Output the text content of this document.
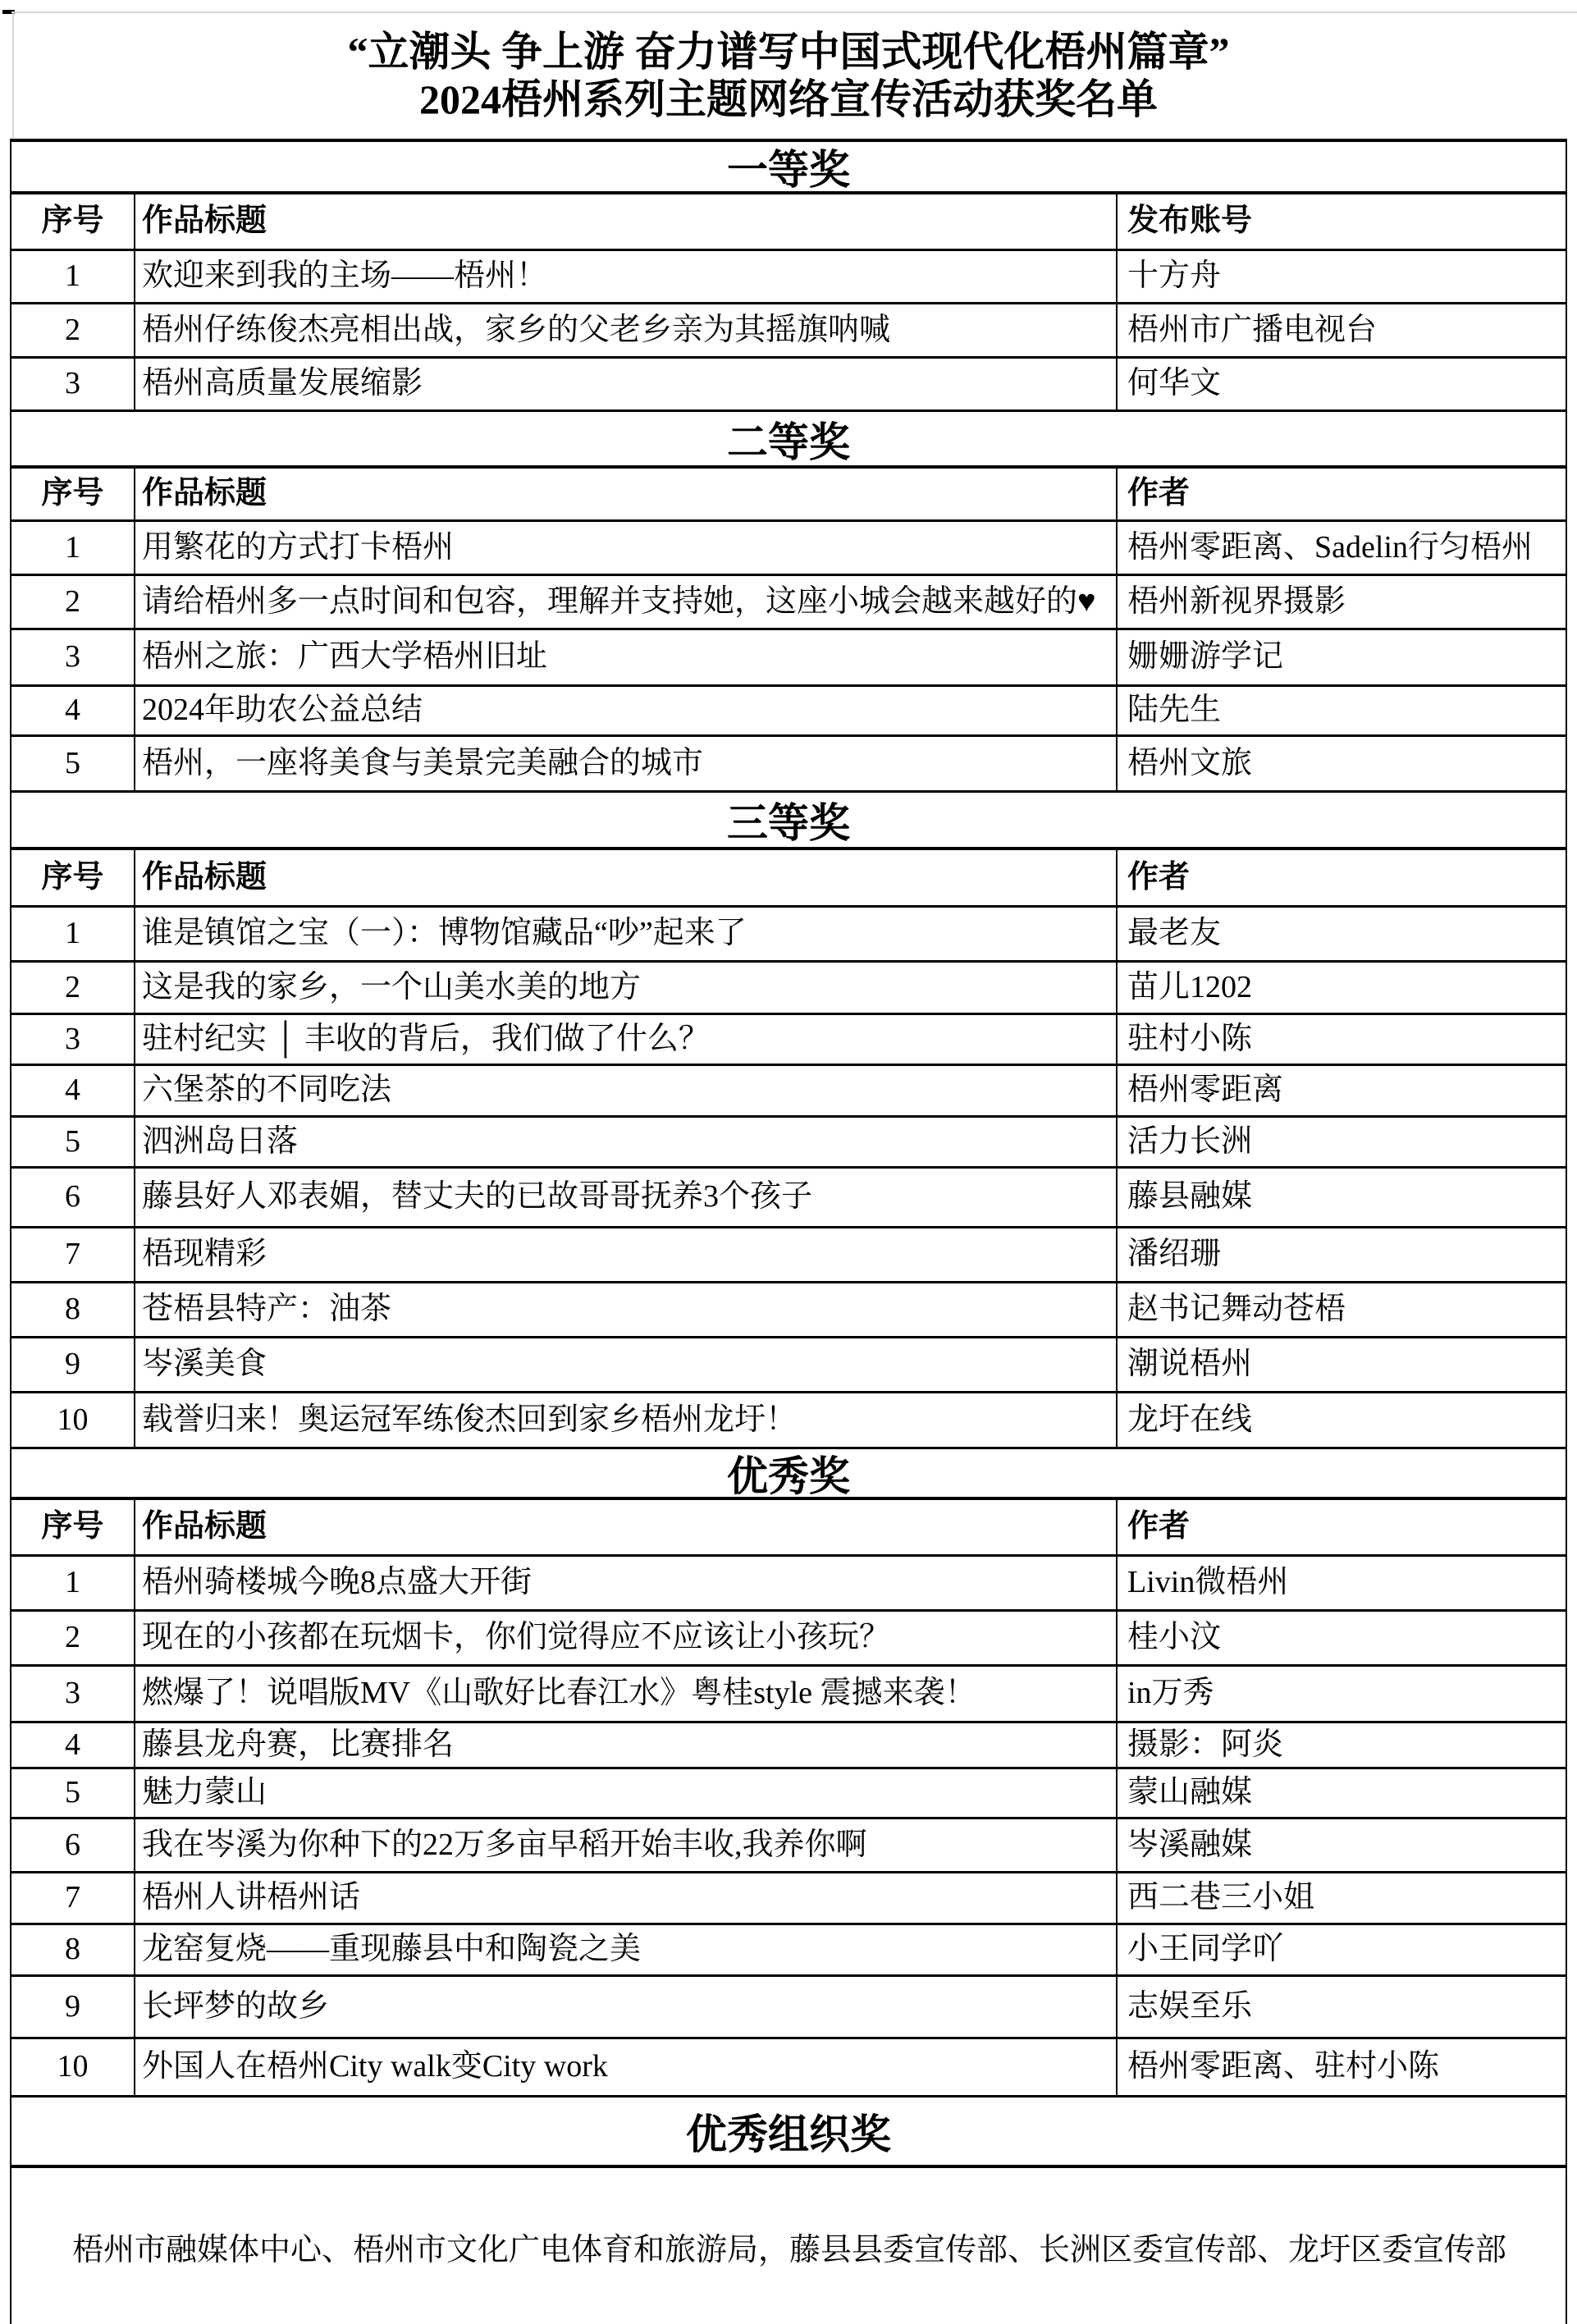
“立潮头 争上游 奋力谱写中国式现代化梧州篇章”
2024梧州系列主题网络宣传活动获奖名单
一等奖
序号	作品标题	发布账号
1	欢迎来到我的主场——梧州！	十方舟
2	梧州仔练俊杰亮相出战，家乡的父老乡亲为其摇旗呐喊	梧州市广播电视台
3	梧州高质量发展缩影	何华文
二等奖
序号	作品标题	作者
1	用繁花的方式打卡梧州	梧州零距离、Sadelin行匀梧州
2	请给梧州多一点时间和包容，理解并支持她，这座小城会越来越好的♥	梧州新视界摄影
3	梧州之旅：广西大学梧州旧址	姗姗游学记
4	2024年助农公益总结	陆先生
5	梧州，一座将美食与美景完美融合的城市	梧州文旅
三等奖
序号	作品标题	作者
1	谁是镇馆之宝（一）：博物馆藏品“吵”起来了	最老友
2	这是我的家乡，一个山美水美的地方	苗儿1202
3	驻村纪实 │ 丰收的背后，我们做了什么？	驻村小陈
4	六堡茶的不同吃法	梧州零距离
5	泗洲岛日落	活力长洲
6	藤县好人邓表媚，替丈夫的已故哥哥抚养3个孩子	藤县融媒
7	梧现精彩	潘绍珊
8	苍梧县特产：油茶	赵书记舞动苍梧
9	岑溪美食	潮说梧州
10	载誉归来！奥运冠军练俊杰回到家乡梧州龙圩！	龙圩在线
优秀奖
序号	作品标题	作者
1	梧州骑楼城今晚8点盛大开街	Livin微梧州
2	现在的小孩都在玩烟卡，你们觉得应不应该让小孩玩？	桂小汶
3	燃爆了！说唱版MV《山歌好比春江水》粤桂style 震撼来袭！	in万秀
4	藤县龙舟赛，比赛排名	摄影：阿炎
5	魅力蒙山	蒙山融媒
6	我在岑溪为你种下的22万多亩早稻开始丰收,我养你啊	岑溪融媒
7	梧州人讲梧州话	西二巷三小姐
8	龙窑复烧——重现藤县中和陶瓷之美	小王同学吖
9	长坪梦的故乡	志娱至乐
10	外国人在梧州City walk变City work	梧州零距离、驻村小陈
优秀组织奖
梧州市融媒体中心、梧州市文化广电体育和旅游局，藤县县委宣传部、长洲区委宣传部、龙圩区委宣传部
